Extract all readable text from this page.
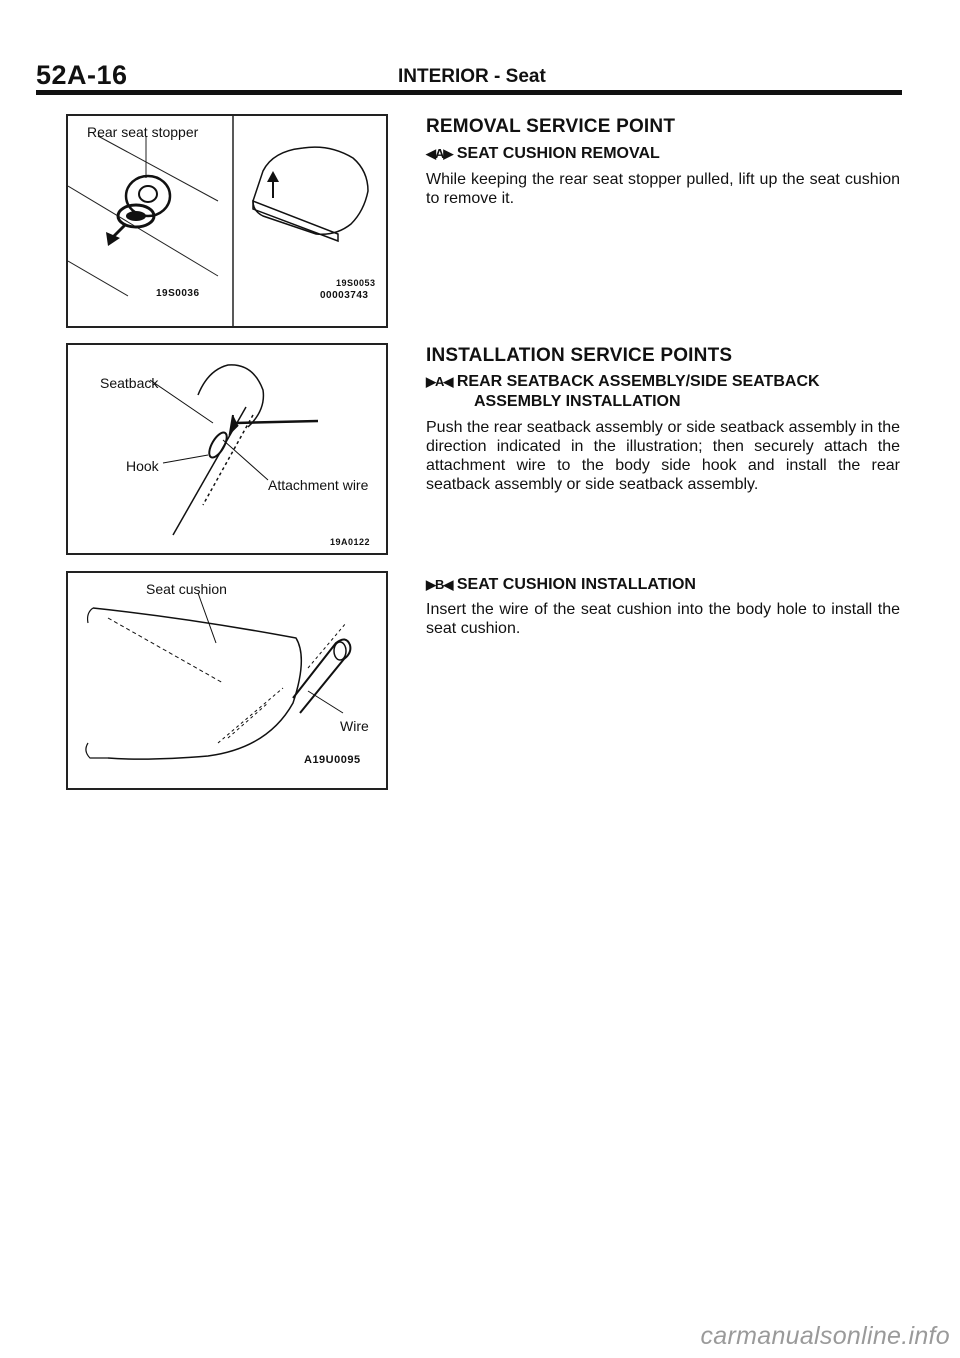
52A-16	INTERIOR - Seat
Rear seat stopper
19S0036
19S0053
00003743
Seatback
Hook
Attachment wire
19A0122
Seat cushion
Wire
A19U0095
REMOVAL SERVICE POINT
◀A▶ SEAT CUSHION REMOVAL
While keeping the rear seat stopper pulled, lift up the seat cushion to remove it.
INSTALLATION SERVICE POINTS
▶A◀ REAR SEATBACK ASSEMBLY/SIDE SEATBACK
ASSEMBLY INSTALLATION
Push the rear seatback assembly or side seatback assembly in the direction indicated in the illustration; then securely attach the attachment wire to the body side hook and install the rear seatback assembly or side seatback assembly.
▶B◀ SEAT CUSHION INSTALLATION
Insert the wire of the seat cushion into the body hole to install the seat cushion.
carmanualsonline.info
